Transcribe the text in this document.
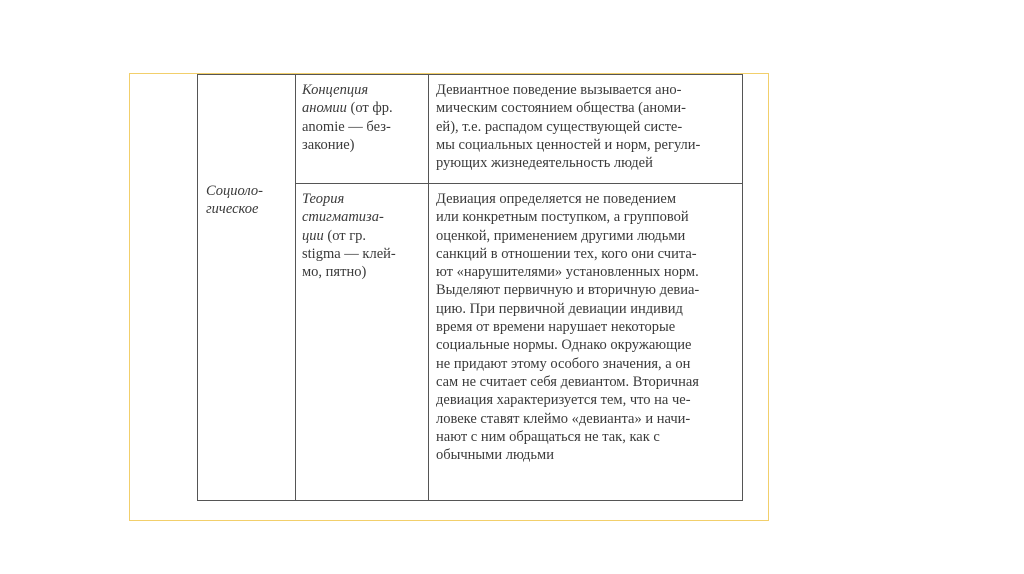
Социоло-
гическое
Концепция
аномии (от фр.
anomie — без-
законие)

Девиантное поведение вызывается ано-
мическим состоянием общества (аноми-
ей), т.е. распадом существующей систе-
мы социальных ценностей и норм, регули-
рующих жизнедеятельность людей

Теория
стигматиза-
ции (от гр.
stigma — клей-
мо, пятно)

Девиация определяется не поведением
или конкретным поступком, а групповой
оценкой, применением другими людьми
санкций в отношении тех, кого они счита-
ют «нарушителями» установленных норм.
Выделяют первичную и вторичную девиа-
цию. При первичной девиации индивид
время от времени нарушает некоторые
социальные нормы. Однако окружающие
не придают этому особого значения, а он
сам не считает себя девиантом. Вторичная
девиация характеризуется тем, что на че-
ловеке ставят клеймо «девианта» и начи-
нают с ним обращаться не так, как с
обычными людьми
